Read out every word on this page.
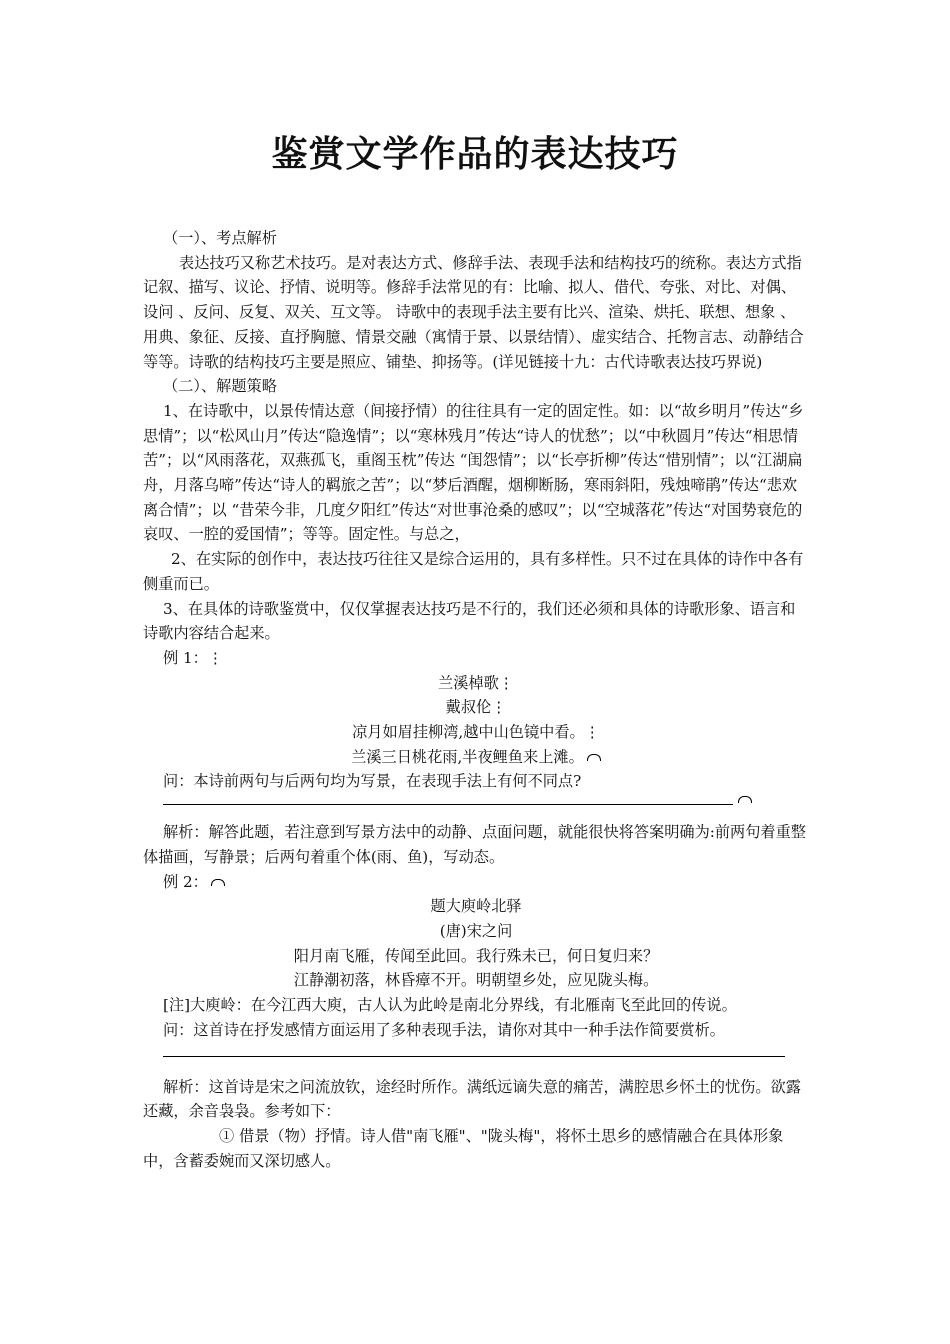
鉴赏文学作品的表达技巧

（一）、考点解析

表达技巧又称艺术技巧。是对表达方式、修辞手法、表现手法和结构技巧的统称。表达方式指记叙、描写、议论、抒情、说明等。修辞手法常见的有：比喻、拟人、借代、夸张、对比、对偶、设问 、反问、反复、双关、互文等。 诗歌中的表现手法主要有比兴、渲染、烘托、联想、想象 、用典、象征、反接、直抒胸臆、情景交融（寓情于景、以景结情）、虚实结合、托物言志、动静结合等等。诗歌的结构技巧主要是照应、铺垫、抑扬等。(详见链接十九：古代诗歌表达技巧界说)

（二）、解题策略

1、在诗歌中，以景传情达意（间接抒情）的往往具有一定的固定性。如：以“故乡明月”传达“乡思情”；以“松风山月”传达“隐逸情”；以“寒林残月”传达“诗人的忧愁”；以“中秋圆月”传达“相思情苦”；以“风雨落花，双燕孤飞，重阁玉枕”传达 “闺怨情”；以“长亭折柳”传达“惜别情”；以“江湖扁舟，月落乌啼”传达“诗人的羁旅之苦”；以“梦后酒醒，烟柳断肠，寒雨斜阳，残烛啼鹃”传达“悲欢离合情”；以 “昔荣今非，几度夕阳红”传达“对世事沧桑的感叹”；以“空城落花”传达“对国势衰危的哀叹、一腔的爱国情”；等等。固定性。与总之，

2、在实际的创作中，表达技巧往往又是综合运用的，具有多样性。只不过在具体的诗作中各有侧重而已。

3、在具体的诗歌鉴赏中，仅仅掌握表达技巧是不行的，我们还必须和具体的诗歌形象、语言和诗歌内容结合起来。

例 1：⋮

兰溪棹歌⋮

戴叔伦⋮

凉月如眉挂柳湾,越中山色镜中看。⋮

兰溪三日桃花雨,半夜鲤鱼来上滩。

问：本诗前两句与后两句均为写景，在表现手法上有何不同点?

解析：解答此题，若注意到写景方法中的动静、点面问题，就能很快将答案明确为:前两句着重整体描画，写静景；后两句着重个体(雨、鱼)，写动态。

例 2：

题大庾岭北驿

(唐)宋之问

阳月南飞雁，传闻至此回。我行殊未已，何日复归来？

江静潮初落，林昏瘴不开。明朝望乡处，应见陇头梅。

[注]大庾岭：在今江西大庾，古人认为此岭是南北分界线，有北雁南飞至此回的传说。

问：这首诗在抒发感情方面运用了多种表现手法，请你对其中一种手法作简要赏析。

解析：这首诗是宋之问流放钦，途经时所作。满纸远谪失意的痛苦，满腔思乡怀土的忧伤。欲露还藏，余音袅袅。参考如下：

① 借景（物）抒情。诗人借"南飞雁"、"陇头梅"，将怀土思乡的感情融合在具体形象中，含蓄委婉而又深切感人。
